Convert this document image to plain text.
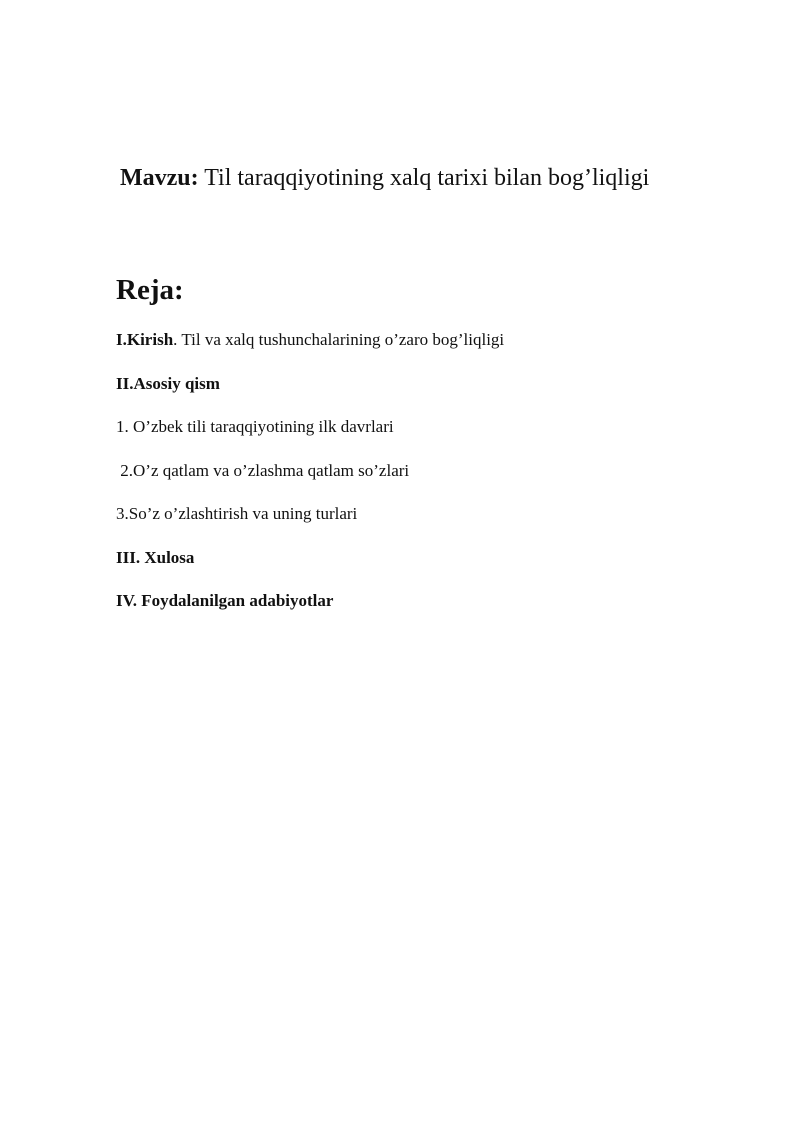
Mavzu: Til taraqqiyotining xalq tarixi bilan bog’liqligi
Reja:
I.Kirish. Til va xalq tushunchalarining o’zaro bog’liqligi
II.Asosiy qism
1. O’zbek tili taraqqiyotining ilk davrlari
2.O’z qatlam va o’zlashma qatlam so’zlari
3.So’z o’zlashtirish va uning turlari
III. Xulosa
IV. Foydalanilgan adabiyotlar
